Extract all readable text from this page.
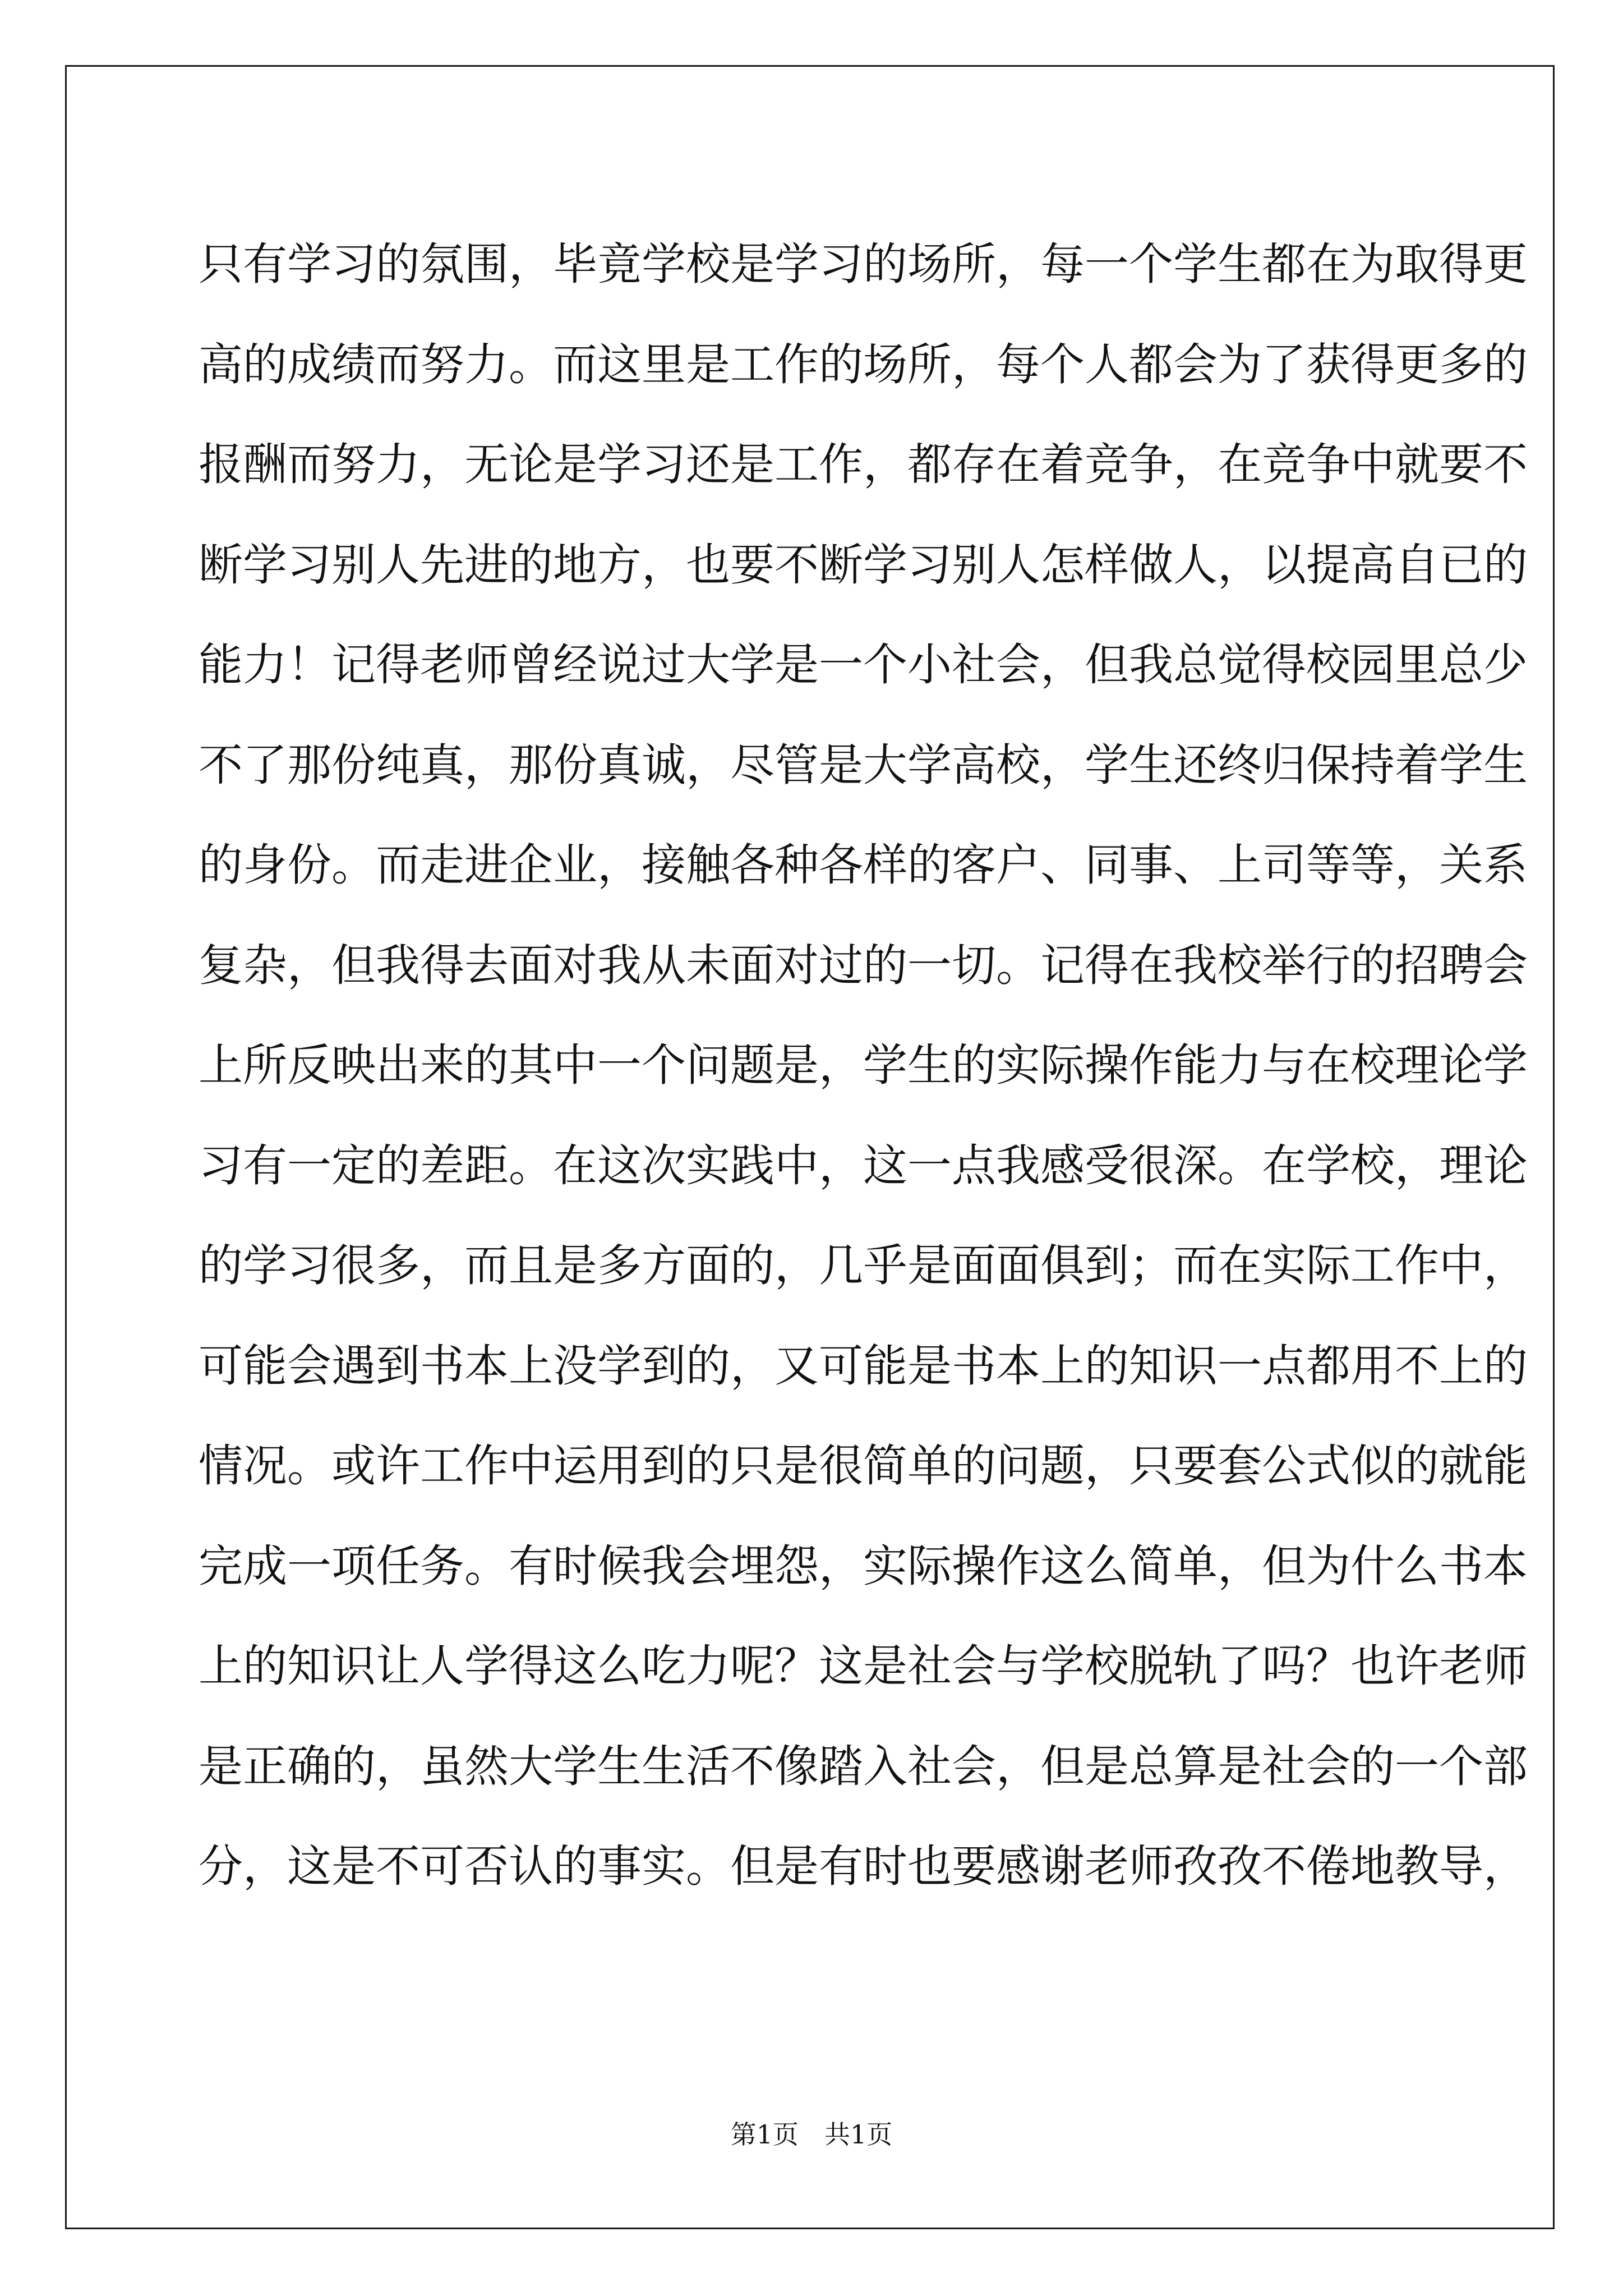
只有学习的氛围，毕竟学校是学习的场所，每一个学生都在为取得更
高的成绩而努力。而这里是工作的场所，每个人都会为了获得更多的
报酬而努力，无论是学习还是工作，都存在着竞争，在竞争中就要不
断学习别人先进的地方，也要不断学习别人怎样做人，以提高自已的
能力！记得老师曾经说过大学是一个小社会，但我总觉得校园里总少
不了那份纯真，那份真诚，尽管是大学高校，学生还终归保持着学生
的身份。而走进企业，接触各种各样的客户、同事、上司等等，关系
复杂，但我得去面对我从未面对过的一切。记得在我校举行的招聘会
上所反映出来的其中一个问题是，学生的实际操作能力与在校理论学
习有一定的差距。在这次实践中，这一点我感受很深。在学校，理论
的学习很多，而且是多方面的，几乎是面面俱到；而在实际工作中，
可能会遇到书本上没学到的，又可能是书本上的知识一点都用不上的
情况。或许工作中运用到的只是很简单的问题，只要套公式似的就能
完成一项任务。有时候我会埋怨，实际操作这么简单，但为什么书本
上的知识让人学得这么吃力呢？这是社会与学校脱轨了吗？也许老师
是正确的，虽然大学生生活不像踏入社会，但是总算是社会的一个部
分，这是不可否认的事实。但是有时也要感谢老师孜孜不倦地教导，
第1页　共1页
